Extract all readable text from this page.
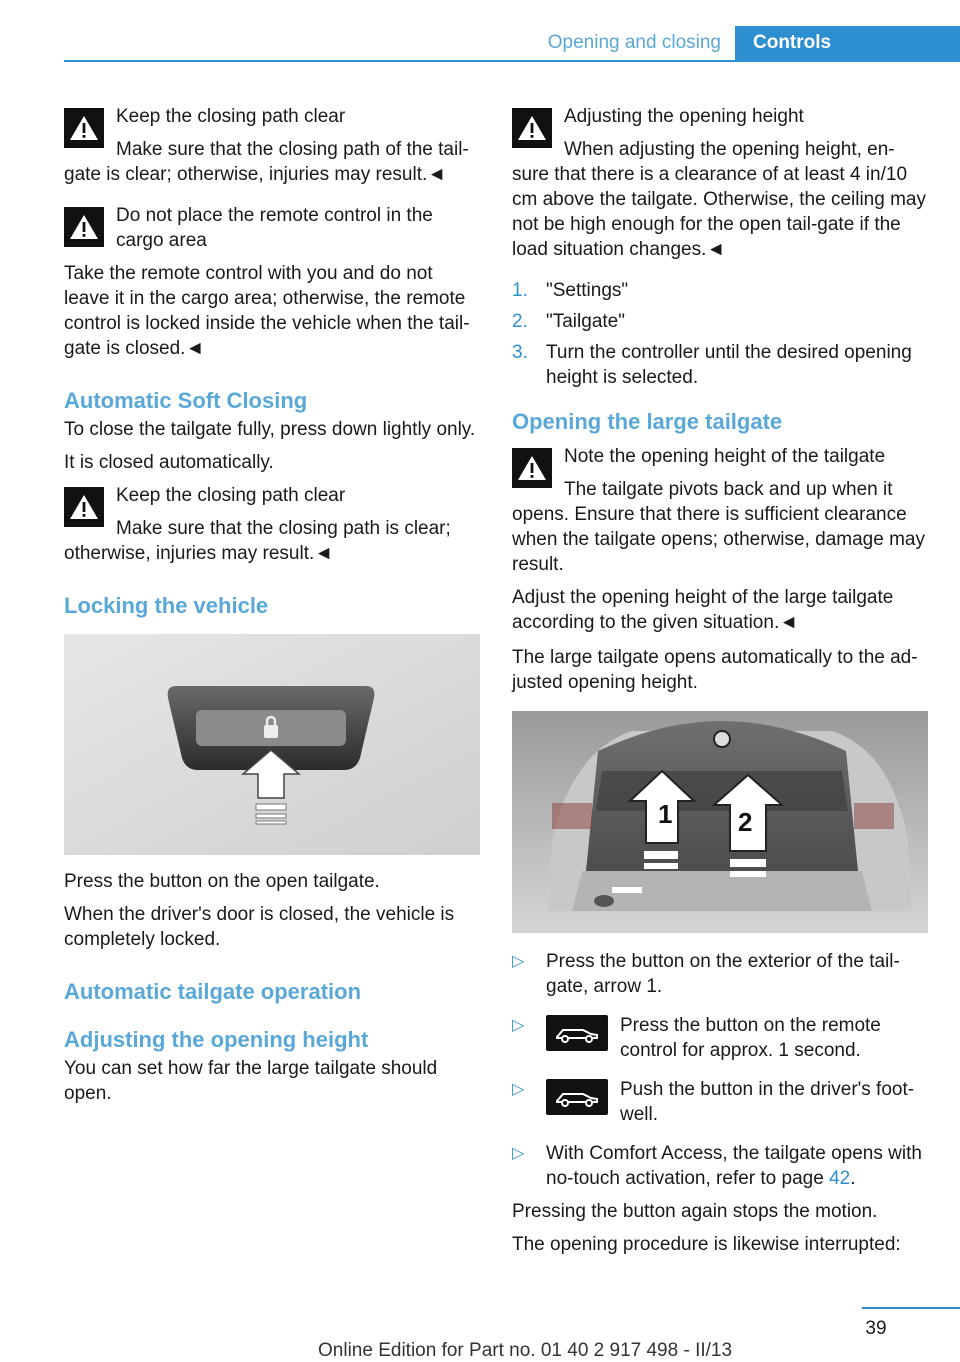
Opening and closing	Controls
Keep the closing path clear
Make sure that the closing path of the tail-gate is clear; otherwise, injuries may result.◄
Do not place the remote control in the cargo area
Take the remote control with you and do not leave it in the cargo area; otherwise, the remote control is locked inside the vehicle when the tail-gate is closed.◄
Automatic Soft Closing

To close the tailgate fully, press down lightly only.

It is closed automatically.

Keep the closing path clear
Make sure that the closing path is clear; otherwise, injuries may result.◄
Locking the vehicle

Press the button on the open tailgate.

When the driver's door is closed, the vehicle is completely locked.

Automatic tailgate operation
Adjusting the opening height

You can set how far the large tailgate should open.

Adjusting the opening height
When adjusting the opening height, en-sure that there is a clearance of at least 4 in/10 cm above the tailgate. Otherwise, the ceiling may not be high enough for the open tail-gate if the load situation changes.◄
1. "Settings"
2. "Tailgate"
3. Turn the controller until the desired opening height is selected.
Opening the large tailgate
Note the opening height of the tailgate
The tailgate pivots back and up when it opens. Ensure that there is sufficient clearance when the tailgate opens; otherwise, damage may result.
Adjust the opening height of the large tailgate according to the given situation.◄

The large tailgate opens automatically to the ad-justed opening height.

1	2
▷ Press the button on the exterior of the tail-gate, arrow 1.
▷	Press the button on the remote control for approx. 1 second.
▷	Push the button in the driver's foot-well.
▷ With Comfort Access, the tailgate opens with no-touch activation, refer to page 42.

Pressing the button again stops the motion.

The opening procedure is likewise interrupted:

39
Online Edition for Part no. 01 40 2 917 498 - II/13
